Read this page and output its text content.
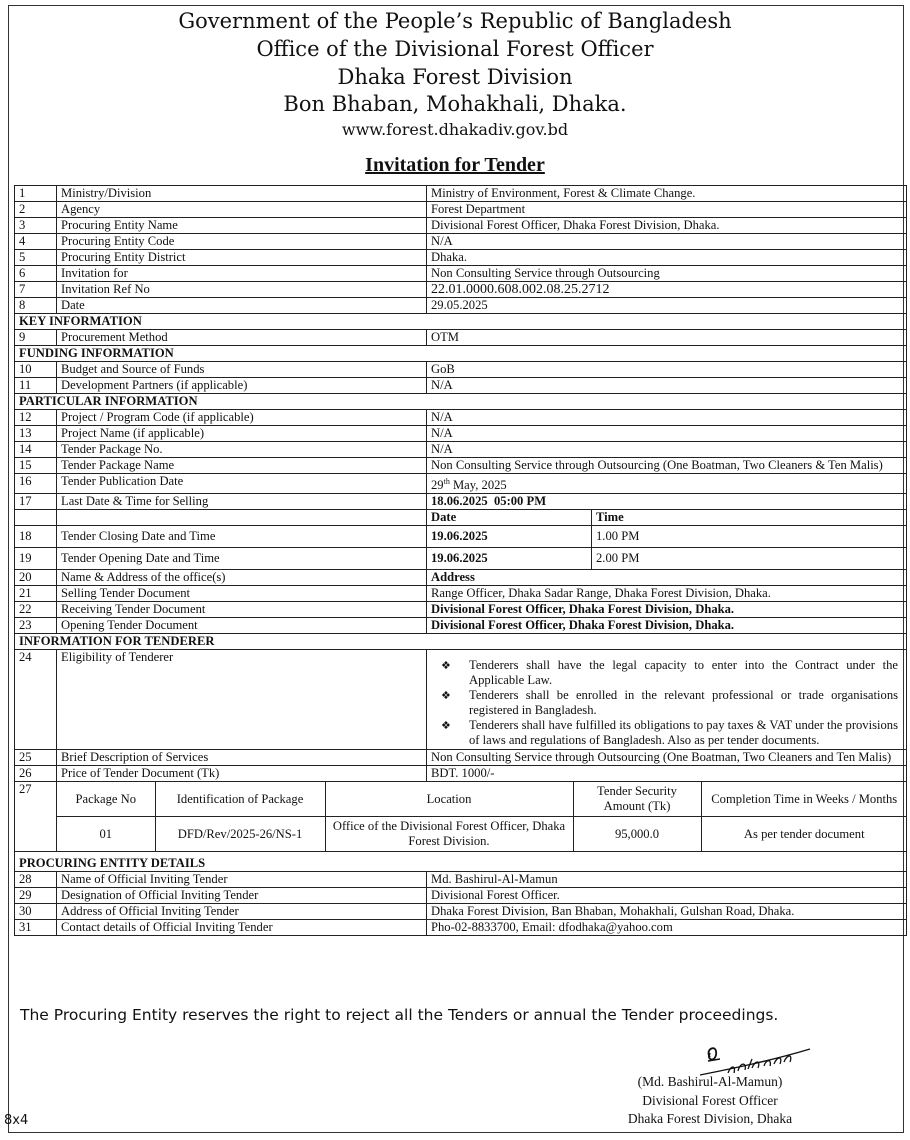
Government of the People’s Republic of Bangladesh
Office of the Divisional Forest Officer
Dhaka Forest Division
Bon Bhaban, Mohakhali, Dhaka.
www.forest.dhakadiv.gov.bd
Invitation for Tender
1	Ministry/Division	Ministry of Environment, Forest & Climate Change.
2	Agency	Forest Department
3	Procuring Entity Name	Divisional Forest Officer, Dhaka Forest Division, Dhaka.
4	Procuring Entity Code	N/A
5	Procuring Entity District	Dhaka.
6	Invitation for	Non Consulting Service through Outsourcing
7	Invitation Ref No	22.01.0000.608.002.08.25.2712
8	Date	29.05.2025
KEY INFORMATION
9	Procurement Method	OTM
FUNDING INFORMATION
10	Budget and Source of Funds	GoB
11	Development Partners (if applicable)	N/A
PARTICULAR INFORMATION
12	Project / Program Code (if applicable)	N/A
13	Project Name (if applicable)	N/A
14	Tender Package No.	N/A
15	Tender Package Name	Non Consulting Service through Outsourcing (One Boatman, Two Cleaners & Ten Malis)
16	Tender Publication Date	29th May, 2025
17	Last Date & Time for Selling	18.06.2025  05:00 PM
		Date	Time
18	Tender Closing Date and Time	19.06.2025	1.00 PM
19	Tender Opening Date and Time	19.06.2025	2.00 PM
20	Name & Address of the office(s)	Address
21	Selling Tender Document	Range Officer, Dhaka Sadar Range, Dhaka Forest Division, Dhaka.
22	Receiving Tender Document	Divisional Forest Officer, Dhaka Forest Division, Dhaka.
23	Opening Tender Document	Divisional Forest Officer, Dhaka Forest Division, Dhaka.
INFORMATION FOR TENDERER
24	Eligibility of Tenderer	
❖ Tenderers shall have the legal capacity to enter into the Contract under the Applicable Law.
❖ Tenderers shall be enrolled in the relevant professional or trade organisations registered in Bangladesh.
❖ Tenderers shall have fulfilled its obligations to pay taxes & VAT under the provisions of laws and regulations of Bangladesh. Also as per tender documents.

25	Brief Description of Services	Non Consulting Service through Outsourcing (One Boatman, Two Cleaners and Ten Malis)
26	Price of Tender Document (Tk)	BDT. 1000/-
27	
Package No	Identification of Package	Location	Tender Security Amount (Tk)	Completion Time in Weeks / Months
01	DFD/Rev/2025-26/NS-1	Office of the Divisional Forest Officer, Dhaka Forest Division.	95,000.0	As per tender document

PROCURING ENTITY DETAILS
28	Name of Official Inviting Tender	Md. Bashirul-Al-Mamun
29	Designation of Official Inviting Tender	Divisional Forest Officer.
30	Address of Official Inviting Tender	Dhaka Forest Division, Ban Bhaban, Mohakhali, Gulshan Road, Dhaka.
31	Contact details of Official Inviting Tender	Pho-02-8833700, Email: dfodhaka@yahoo.com
The Procuring Entity reserves the right to reject all the Tenders or annual the Tender proceedings.
(Md. Bashirul-Al-Mamun)
Divisional Forest Officer
Dhaka Forest Division, Dhaka
8x4
